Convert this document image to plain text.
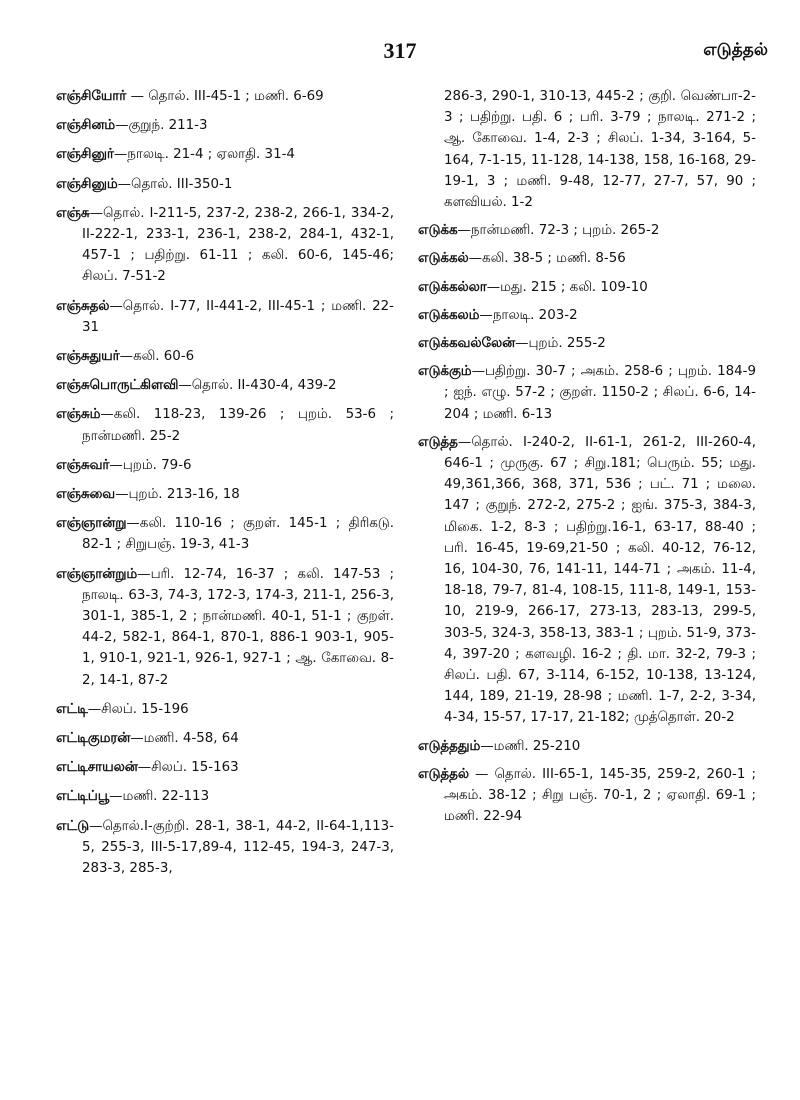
317	எடுத்தல்

எஞ்சியோர் — தொல். III-45-1 ; மணி. 6-69

எஞ்சினம்—குறுந். 211-3

எஞ்சினுர்—நாலடி. 21-4 ; ஏலாதி. 31-4

எஞ்சினும்—தொல். III-350-1

எஞ்சு—தொல். I-211-5, 237-2, 238-2, 266-1, 334-2, II-222-1, 233-1, 236-1, 238-2, 284-1, 432-1, 457-1 ; பதிற்று. 61-11 ; கலி. 60-6, 145-46; சிலப். 7-51-2

எஞ்சுதல்—தொல். I-77, II-441-2, III-45-1 ; மணி. 22-31

எஞ்சுதுயர்—கலி. 60-6

எஞ்சுபொருட்கிளவி—தொல். II-430-4, 439-2

எஞ்சும்—கலி. 118-23, 139-26 ; புறம். 53-6 ; நான்மணி. 25-2

எஞ்சுவர்—புறம். 79-6

எஞ்சுவை—புறம். 213-16, 18

எஞ்ஞான்று—கலி. 110-16 ; குறள். 145-1 ; திரிகடு. 82-1 ; சிறுபஞ். 19-3, 41-3

எஞ்ஞான்றும்—பரி. 12-74, 16-37 ; கலி. 147-53 ; நாலடி. 63-3, 74-3, 172-3, 174-3, 211-1, 256-3, 301-1, 385-1, 2 ; நான்மணி. 40-1, 51-1 ; குறள். 44-2, 582-1, 864-1, 870-1, 886-1 903-1, 905-1, 910-1, 921-1, 926-1, 927-1 ; ஆ. கோவை. 8-2, 14-1, 87-2

எட்டி—சிலப். 15-196

எட்டிகுமரன்—மணி. 4-58, 64

எட்டிசாயலன்—சிலப். 15-163

எட்டிப்பூ—மணி. 22-113

எட்டு—தொல்.I-குற்றி. 28-1, 38-1, 44-2, II-64-1,113-5, 255-3, III-5-17,89-4, 112-45, 194-3, 247-3, 283-3, 285-3,

286-3, 290-1, 310-13, 445-2 ; குறி. வெண்பா-2-3 ; பதிற்று. பதி. 6 ; பரி. 3-79 ; நாலடி. 271-2 ; ஆ. கோவை. 1-4, 2-3 ; சிலப். 1-34, 3-164, 5-164, 7-1-15, 11-128, 14-138, 158, 16-168, 29-19-1, 3 ; மணி. 9-48, 12-77, 27-7, 57, 90 ; களவியல். 1-2

எடுக்க—நான்மணி. 72-3 ; புறம். 265-2

எடுக்கல்—கலி. 38-5 ; மணி. 8-56

எடுக்கல்லா—மது. 215 ; கலி. 109-10

எடுக்கலம்—நாலடி. 203-2

எடுக்கவல்லேன்—புறம். 255-2

எடுக்கும்—பதிற்று. 30-7 ; அகம். 258-6 ; புறம். 184-9 ; ஐந். எழு. 57-2 ; குறள். 1150-2 ; சிலப். 6-6, 14-204 ; மணி. 6-13

எடுத்த—தொல். I-240-2, II-61-1, 261-2, III-260-4, 646-1 ; முருகு. 67 ; சிறு.181; பெரும். 55; மது. 49,361,366, 368, 371, 536 ; பட். 71 ; மலை. 147 ; குறுந். 272-2, 275-2 ; ஐங். 375-3, 384-3, மிகை. 1-2, 8-3 ; பதிற்று.16-1, 63-17, 88-40 ; பரி. 16-45, 19-69,21-50 ; கலி. 40-12, 76-12, 16, 104-30, 76, 141-11, 144-71 ; அகம். 11-4, 18-18, 79-7, 81-4, 108-15, 111-8, 149-1, 153-10, 219-9, 266-17, 273-13, 283-13, 299-5, 303-5, 324-3, 358-13, 383-1 ; புறம். 51-9, 373-4, 397-20 ; களவழி. 16-2 ; தி. மா. 32-2, 79-3 ; சிலப். பதி. 67, 3-114, 6-152, 10-138, 13-124, 144, 189, 21-19, 28-98 ; மணி. 1-7, 2-2, 3-34, 4-34, 15-57, 17-17, 21-182; முத்தொள். 20-2

எடுத்ததும்—மணி. 25-210

எடுத்தல் — தொல். III-65-1, 145-35, 259-2, 260-1 ; அகம். 38-12 ; சிறு பஞ். 70-1, 2 ; ஏலாதி. 69-1 ; மணி. 22-94
